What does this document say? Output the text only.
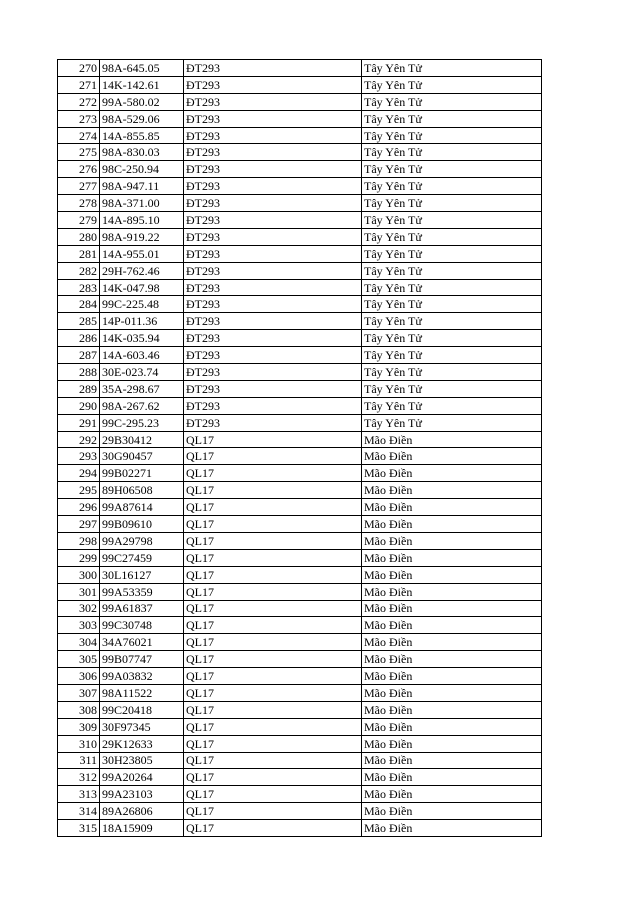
270	98A-645.05	ĐT293	Tây Yên Tử
271	14K-142.61	ĐT293	Tây Yên Tử
272	99A-580.02	ĐT293	Tây Yên Tử
273	98A-529.06	ĐT293	Tây Yên Tử
274	14A-855.85	ĐT293	Tây Yên Tử
275	98A-830.03	ĐT293	Tây Yên Tử
276	98C-250.94	ĐT293	Tây Yên Tử
277	98A-947.11	ĐT293	Tây Yên Tử
278	98A-371.00	ĐT293	Tây Yên Tử
279	14A-895.10	ĐT293	Tây Yên Tử
280	98A-919.22	ĐT293	Tây Yên Tử
281	14A-955.01	ĐT293	Tây Yên Tử
282	29H-762.46	ĐT293	Tây Yên Tử
283	14K-047.98	ĐT293	Tây Yên Tử
284	99C-225.48	ĐT293	Tây Yên Tử
285	14P-011.36	ĐT293	Tây Yên Tử
286	14K-035.94	ĐT293	Tây Yên Tử
287	14A-603.46	ĐT293	Tây Yên Tử
288	30E-023.74	ĐT293	Tây Yên Tử
289	35A-298.67	ĐT293	Tây Yên Tử
290	98A-267.62	ĐT293	Tây Yên Tử
291	99C-295.23	ĐT293	Tây Yên Tử
292	29B30412	QL17	Mão Điền
293	30G90457	QL17	Mão Điền
294	99B02271	QL17	Mão Điền
295	89H06508	QL17	Mão Điền
296	99A87614	QL17	Mão Điền
297	99B09610	QL17	Mão Điền
298	99A29798	QL17	Mão Điền
299	99C27459	QL17	Mão Điền
300	30L16127	QL17	Mão Điền
301	99A53359	QL17	Mão Điền
302	99A61837	QL17	Mão Điền
303	99C30748	QL17	Mão Điền
304	34A76021	QL17	Mão Điền
305	99B07747	QL17	Mão Điền
306	99A03832	QL17	Mão Điền
307	98A11522	QL17	Mão Điền
308	99C20418	QL17	Mão Điền
309	30F97345	QL17	Mão Điền
310	29K12633	QL17	Mão Điền
311	30H23805	QL17	Mão Điền
312	99A20264	QL17	Mão Điền
313	99A23103	QL17	Mão Điền
314	89A26806	QL17	Mão Điền
315	18A15909	QL17	Mão Điền
